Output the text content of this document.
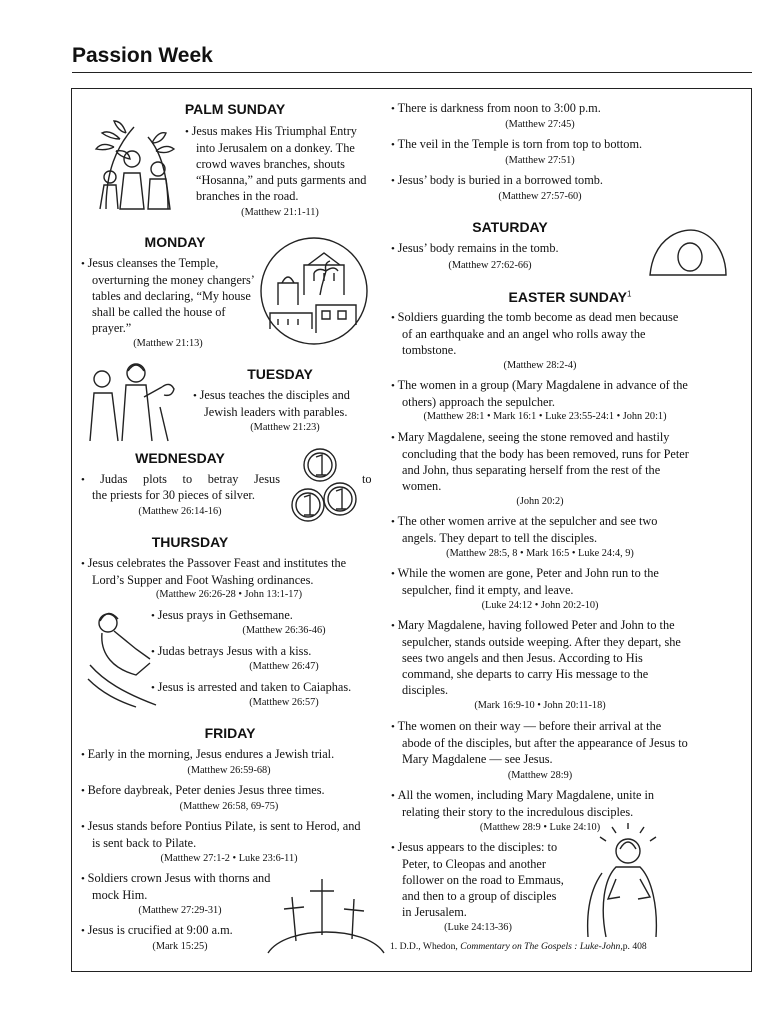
Passion Week
PALM SUNDAY
• Jesus makes His Triumphal Entry into Jerusalem on a donkey. The crowd waves branches, shouts “Hosanna,” and puts garments and branches in the road.
(Matthew 21:1-11)
MONDAY
• Jesus cleanses the Temple, overturning the money changers’ tables and declaring, “My house shall be called the house of prayer.”
(Matthew 21:13)
TUESDAY
• Jesus teaches the disciples and Jewish leaders with parables.
(Matthew 21:23)
WEDNESDAY
• Judas plots to betray Jesus	to
the priests for 30 pieces of silver.
(Matthew 26:14-16)
THURSDAY
• Jesus celebrates the Passover Feast and institutes the Lord’s Supper and Foot Washing ordinances.
(Matthew 26:26-28 • John 13:1-17)
• Jesus prays in Gethsemane.
(Matthew 26:36-46)
• Judas betrays Jesus with a kiss.
(Matthew 26:47)
• Jesus is arrested and taken to Caiaphas.
(Matthew 26:57)
FRIDAY
• Early in the morning, Jesus endures a Jewish trial.
(Matthew 26:59-68)
• Before daybreak, Peter denies Jesus three times.
(Matthew 26:58, 69-75)
• Jesus stands before Pontius Pilate, is sent to Herod, and is sent back to Pilate.
(Matthew 27:1-2 • Luke 23:6-11)
• Soldiers crown Jesus with thorns and mock Him.
(Matthew 27:29-31)
• Jesus is crucified at 9:00 a.m.
(Mark 15:25)
• There is darkness from noon to 3:00 p.m.
(Matthew 27:45)
• The veil in the Temple is torn from top to bottom.
(Matthew 27:51)
• Jesus’ body is buried in a borrowed tomb.
(Matthew 27:57-60)
SATURDAY
• Jesus’ body remains in the tomb.
(Matthew 27:62-66)
EASTER SUNDAY$^1$
• Soldiers guarding the tomb become as dead men because of an earthquake and an angel who rolls away the tombstone.
(Matthew 28:2-4)
• The women in a group (Mary Magdalene in advance of the others) approach the sepulcher.
(Matthew 28:1 • Mark 16:1 • Luke 23:55-24:1 • John 20:1)
• Mary Magdalene, seeing the stone removed and hastily concluding that the body has been removed, runs for Peter and John, thus separating herself from the rest of the women.
(John 20:2)
• The other women arrive at the sepulcher and see two angels. They depart to tell the disciples.
(Matthew 28:5, 8 • Mark 16:5 • Luke 24:4, 9)
• While the women are gone, Peter and John run to the sepulcher, find it empty, and leave.
(Luke 24:12 • John 20:2-10)
• Mary Magdalene, having followed Peter and John to the sepulcher, stands outside weeping. After they depart, she sees two angels and then Jesus. According to His command, she departs to carry His message to the disciples.
(Mark 16:9-10 • John 20:11-18)
• The women on their way — before their arrival at the abode of the disciples, but after the appearance of Jesus to Mary Magdalene — see Jesus.
(Matthew 28:9)
• All the women, including Mary Magdalene, unite in relating their story to the incredulous disciples.
(Matthew 28:9 • Luke 24:10)
• Jesus appears to the disciples: to Peter, to Cleopas and another follower on the road to Emmaus, and then to a group of disciples in Jerusalem.
(Luke 24:13-36)
1. D.D., Whedon, Commentary on The Gospels : Luke-John,p. 408
